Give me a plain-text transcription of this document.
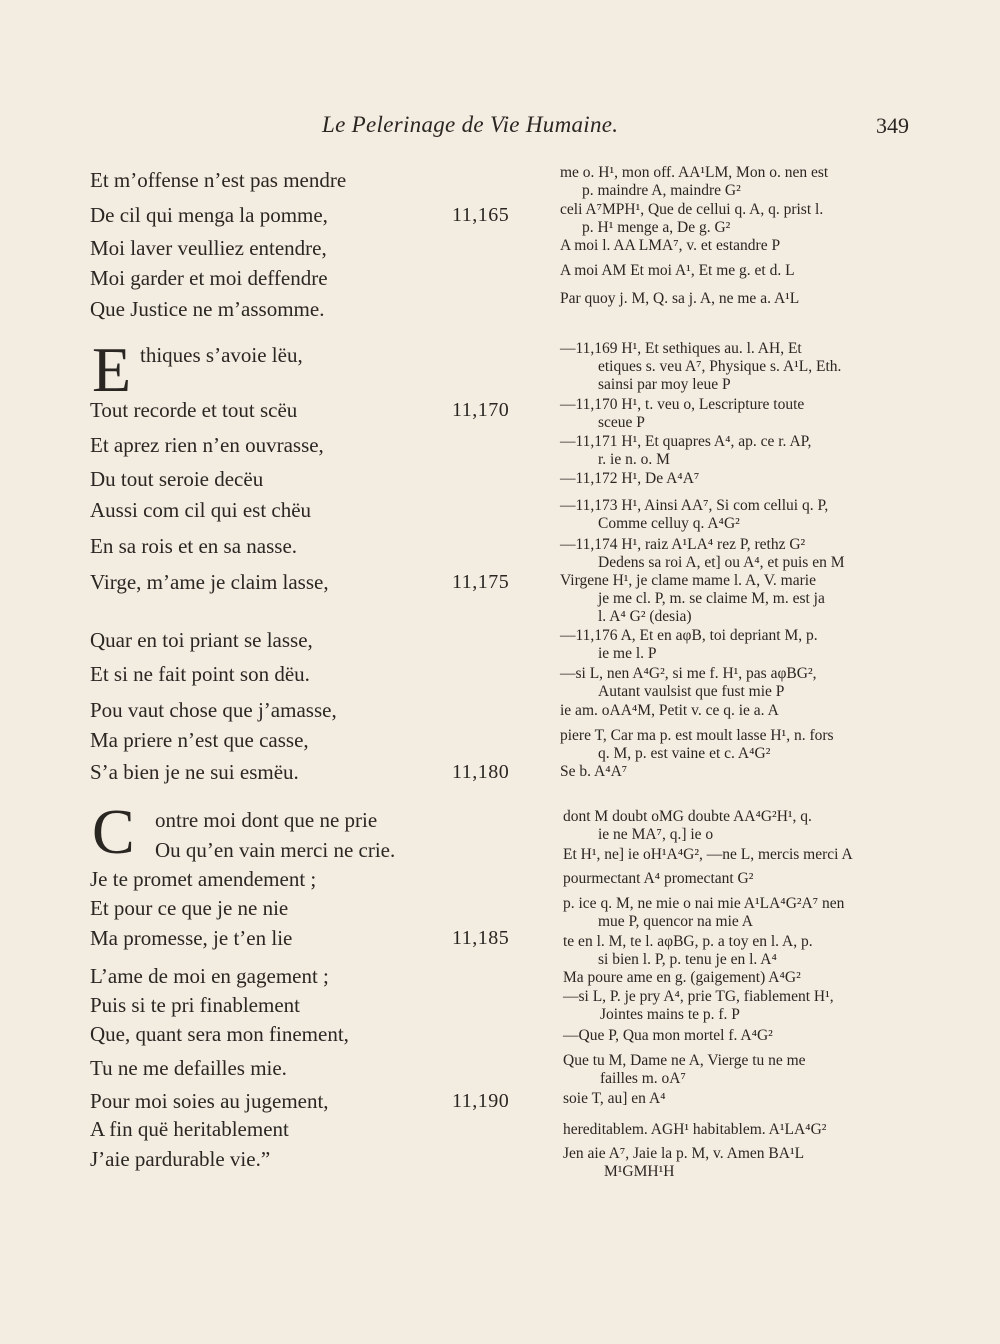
Le Pelerinage de Vie Humaine.	349
E
C
Et m’offense n’est pas mendre
De cil qui menga la pomme,	11,165
Moi laver veulliez entendre,
Moi garder et moi deffendre
Que Justice ne m’assomme.
thiques s’avoie lëu,
Tout recorde et tout scëu	11,170
Et aprez rien n’en ouvrasse,
Du tout seroie decëu
Aussi com cil qui est chëu
En sa rois et en sa nasse.
Virge, m’ame je claim lasse,	11,175
Quar en toi priant se lasse,
Et si ne fait point son dëu.
Pou vaut chose que j’amasse,
Ma priere n’est que casse,
S’a bien je ne sui esmëu.	11,180
ontre moi dont que ne prie
Ou qu’en vain merci ne crie.
Je te promet amendement ;
Et pour ce que je ne nie
Ma promesse, je t’en lie	11,185
L’ame de moi en gagement ;
Puis si te pri finablement
Que, quant sera mon finement,
Tu ne me defailles mie.
Pour moi soies au jugement,	11,190
A fin quë heritablement
J’aie pardurable vie.”
me o. H¹, mon off. AA¹LM, Mon o. nen est
p. maindre A, maindre G²
celi A⁷MPH¹, Que de cellui q. A, q. prist l.
p. H¹ menge a, De g. G²
A moi l. AA LMA⁷, v. et estandre P
A moi AM Et moi A¹, Et me g. et d. L
Par quoy j. M, Q. sa j. A, ne me a. A¹L
—11,169 H¹, Et sethiques au. l. AH, Et
etiques s. veu A⁷, Physique s. A¹L, Eth.
sainsi par moy leue P
—11,170 H¹, t. veu o, Lescripture toute
sceue P
—11,171 H¹, Et quapres A⁴, ap. ce r. AP,
r. ie n. o. M
—11,172 H¹, De A⁴A⁷
—11,173 H¹, Ainsi AA⁷, Si com cellui q. P,
Comme celluy q. A⁴G²
—11,174 H¹, raiz A¹LA⁴ rez P, rethz G²
Dedens sa roi A, et] ou A⁴, et puis en M
Virgene H¹, je clame mame l. A, V. marie
je me cl. P, m. se claime M, m. est ja
l. A⁴ G² (desia)
—11,176 A, Et en aφB, toi depriant M, p.
ie me l. P
—si L, nen A⁴G², si me f. H¹, pas aφBG²,
Autant vaulsist que fust mie P
ie am. oAA⁴M, Petit v. ce q. ie a. A
piere T, Car ma p. est moult lasse H¹, n. fors
q. M, p. est vaine et c. A⁴G²
Se b. A⁴A⁷
dont M doubt oMG doubte AA⁴G²H¹, q.
ie ne MA⁷, q.] ie o
Et H¹, ne] ie oH¹A⁴G², —ne L, mercis merci A
pourmectant A⁴ promectant G²
p. ice q. M, ne mie o nai mie A¹LA⁴G²A⁷ nen
mue P, quencor na mie A
te en l. M, te l. aφBG, p. a toy en l. A, p.
si bien l. P, p. tenu je en l. A⁴
Ma poure ame en g. (gaigement) A⁴G²
—si L, P. je pry A⁴, prie TG, fiablement H¹,
Jointes mains te p. f. P
—Que P, Qua mon mortel f. A⁴G²
Que tu M, Dame ne A, Vierge tu ne me
failles m. oA⁷
soie T, au] en A⁴
hereditablem. AGH¹ habitablem. A¹LA⁴G²
Jen aie A⁷, Jaie la p. M, v. Amen BA¹L
M¹GMH¹H
